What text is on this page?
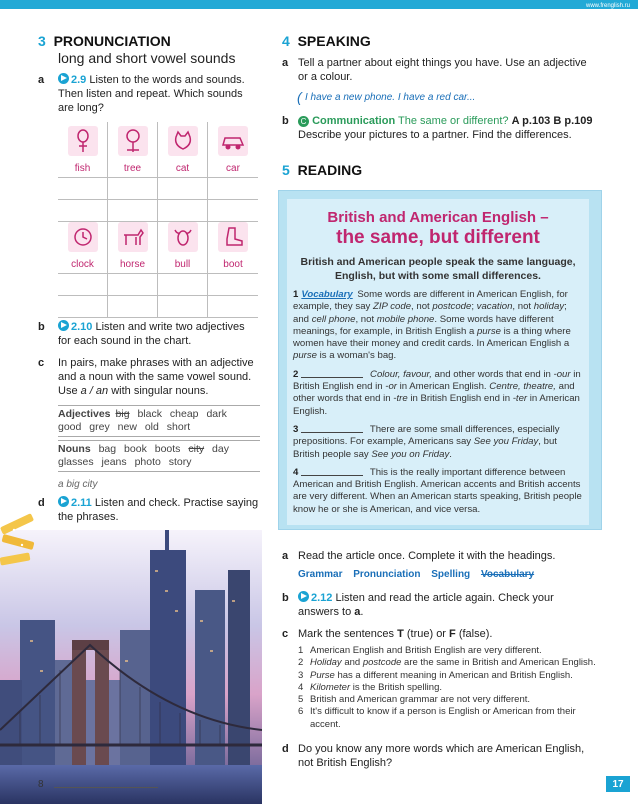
www.frenglish.ru
3 PRONUNCIATION
long and short vowel sounds
a	2.9 Listen to the words and sounds.
Then listen and repeat. Which sounds
are long?
fish	tree	cat	car
clock	horse	bull	boot
b	2.10 Listen and write two adjectives
for each sound in the chart.
c In pairs, make phrases with an adjective
and a noun with the same vowel sound.
Use a / an with singular nouns.
Adjectives big black cheap dark
good grey new old short
Nouns bag book boots city day
glasses jeans photo story
a big city
d	2.11 Listen and check. Practise saying
the phrases.
8	17
4 SPEAKING
a Tell a partner about eight things you have. Use an adjective
or a colour.
( I have a new phone. I have a red car...
b	C Communication The same or different? A p.103 B p.109
Describe your pictures to a partner. Find the differences.
5 READING
British and American English –
the same, but different
British and American people speak the same language, English, but with some small differences.
1 Vocabulary Some words are different in American English, for example, they say ZIP code, not postcode; vacation, not holiday; and cell phone, not mobile phone. Some words have different meanings, for example, in British English a purse is a thing where women have their money and credit cards. In American English a purse is a woman's bag.
2	Colour, favour, and other words that end in -our in British English end in -or in American English. Centre, theatre, and other words that end in -tre in British English end in -ter in American English.
3	There are some small differences, especially prepositions. For example, Americans say See you Friday, but British people say See you on Friday.
4	This is the really important difference between American and British English. American accents and British accents are very different. When an American starts speaking, British people know he or she is American, and vice versa.
a Read the article once. Complete it with the headings.
Grammar Pronunciation Spelling Vocabulary
b	2.12 Listen and read the article again. Check your
answers to a.
c Mark the sentences T (true) or F (false).
1 American English and British English are very different.
2 Holiday and postcode are the same in British and American English.
3 Purse has a different meaning in American and British English.
4 Kilometer is the British spelling.
5 British and American grammar are not very different.
6 It's difficult to know if a person is English or American from their accent.
d Do you know any more words which are American English,
not British English?
